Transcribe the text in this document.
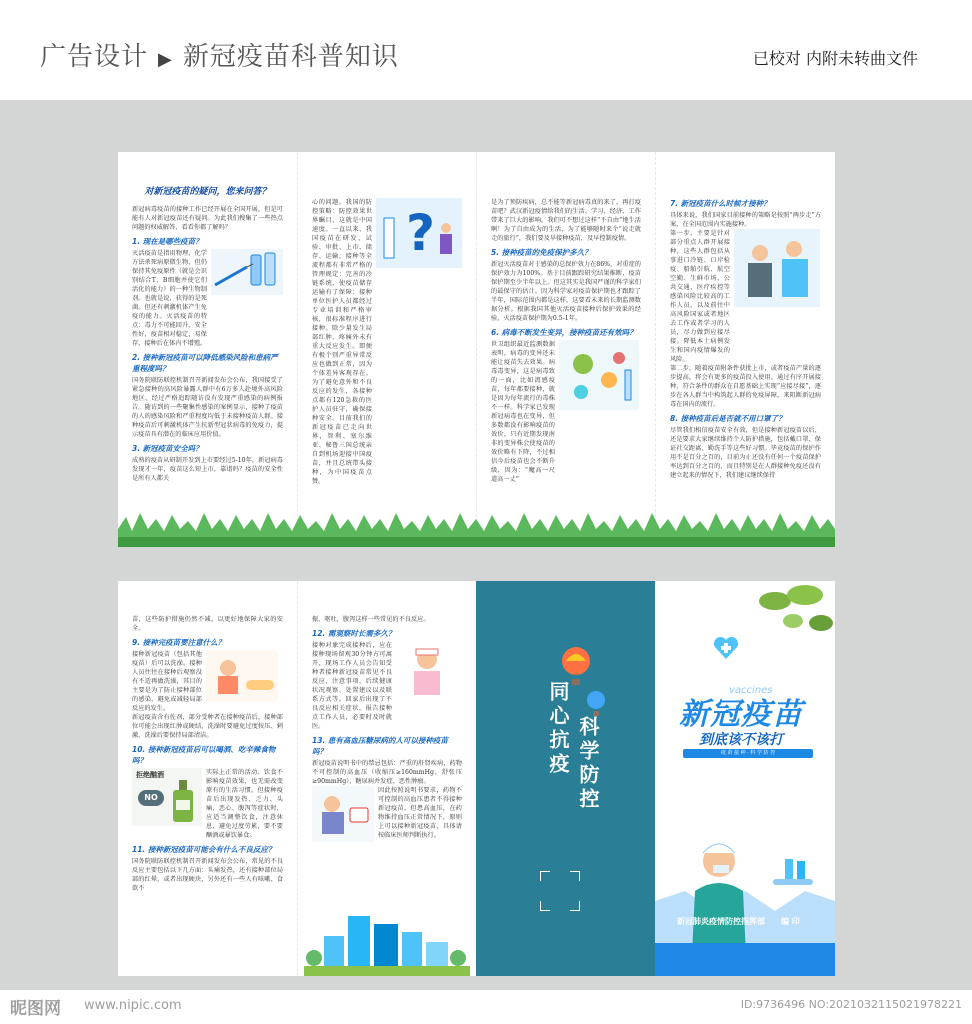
广告设计 ▶ 新冠疫苗科普知识	已校对 内附未转曲文件
对新冠疫苗的疑问，您来问答？
新冠病毒疫苗的接种工作已经开展在全国开展，但是可能有人对新冠疫苗还有疑问。为此我们搜集了一些热点问题的权威解答，看看你都了解吗？
1. 现在是哪些疫苗？
灭活疫苗是指用物理、化学方法杀死病原微生物，但仍保持其免疫原性（就是会识别结合T、B细胞并使它们活化的能力）的一种生物制剂。也就是说，获得的是死菌。但还有刺激机体产生免疫的能力。灭活疫苗的特点：毒力不可能回升，安全性好，疫苗相对稳定，易保存，接种后在体内不增殖。
2. 接种新冠疫苗可以降低感染风险和患病严重程度吗？
国务院联防联控机制召开新闻发布会公布，我国接受了紧急接种的高风险暴露人群中有6万多人赴境外高风险地区，经过严格追踪随访没有发现严重感染的病例报告。随访到的一些聚集性感染的案例显示，接种了疫苗的人的感染风险和严重程度均低于未接种疫苗人群。接种疫苗后可刺激机体产生抗新型冠状病毒的免疫力，提示疫苗具有潜在的临床应用价值。
3. 新冠疫苗安全吗？
成熟的疫苗从研制开发到上市要经过5-10年，新冠病毒发现才一年，疫苗这么短上市，靠谱吗？疫苗的安全性是所有人都关
心的问题。我国的防控策略：防控效果世界瞩目，这就是中国速度。一直以来，我国疫苗在研发、试验、审批、上市、储存、运输、接种等全流程都有非常严格的管理规定：完善的冷链系统，使疫苗储存运输有了保障；接种单位医护人员都经过专业培训和严格审核，很标准程序进行接种。除少量发生局部红肿、疼痛外未有重大反应发生。即便有极个别严重异常反应也做到正常，因为个体差异客观存在。为了避免意外和不良反应的发生，各接种点都有120急救的医护人员驻守，确保接种安全。目前我们的新冠疫苗已走向世界，智利、塞尔维亚、秘鲁三国总统亲自到机场迎接中国疫苗，并且总统带头接种，为中国疫苗点赞。
?
是为了预防疾病，总不能等新冠病毒真的来了，再打疫苗吧？武汉新冠疫情给我们的生活、学习、经济、工作带来了巨大的影响。我们可不想过这样“不自由”地生活啊！为了自由成为的生活，为了能够随时来个“说走就走的旅行”，我们要及早接种疫苗，及早控制疫情。
5. 接种疫苗的免疫保护多久？
新冠灭活疫苗对于感染的总保护效力在86%，对重症的保护效力为100%。基于目前跟踪研究结果推断，疫苗保护期至少半年以上。但这其实是我国严谨的科学家们的最保守的估计。因为科学家对疫苗保护期也才跟踪了半年，国际范围内都是这样，这要看未来的长期监测数据分析。根据我国其他灭活疫苗接种后保护效果的经验，灭活疫苗保护期为0.5-1年。
6. 病毒不断发生变异，接种疫苗还有效吗？
世卫组织最近监测数据表明，病毒的变异还未能让疫苗失去效果。病毒毒变异，这是病毒致的一面，比如流感疫苗，每年都要接种，就是因为每年流行的毒株不一样。科学家已发现新冠病毒也在变异，但多数都没有影响疫苗的效价，只有近期发现南非的变异株会使疫苗的效价略有下降，不过相信今后疫苗也会不断升级，因为：“魔高一尺道高一丈”
7. 新冠疫苗什么时候才接种？
具体来说，我们国家目前接种的策略是按照“两步走”方案，在全国范围内实施接种。
第一步，主要是针对部分重点人群开展接种，这些人群包括从事进口冷链、口岸检疫、船舶引航、航空空勤、生鲜市场、公共交通、医疗疾控等感染风险比较高的工作人员，以及前往中高风险国家或者地区去工作或者学习的人员，尽力做到应接尽接。降低本土病例发生和国内疫情爆发的风险。
第二步，随着疫苗附条件获批上市，或者疫苗产量的逐步提高，将会有更多的疫苗投入使用。通过有序开展接种，符合条件的群众在自愿基础上实现“应接尽接”，逐步在各人群当中构筑起人群的免疫屏障，来阻断新冠病毒在国内的流行。
8. 接种疫苗后是否就不用口罩了？
尽管我们相信疫苗安全有效，但是接种新冠疫苗以后，还是要求大家继续维持个人防护措施，包括戴口罩、保证社交距离、勤洗手等这些好习惯。毕竟疫苗的保护作用不是百分之百的，目前为止还没有任何一个疫苗保护率达到百分之百的，而且特别是在人群接种免疫还没有建立起来的情况下，我们建议继续保持
苗，这些防护措施仍然不减，以更好地保障大家的安全。
9. 接种完疫苗要注意什么？
接种新冠疫苗（包括其他疫苗）后可以洗澡。接种人员往往在接种后观察没有不适再做洗澡，其目的主要是为了防止接种部位的感染，避免或减轻局部反应的发生。
新冠疫苗含有佐剂，部分受种者在接种疫苗后，接种部位可能会出现红肿或硬结，洗澡时要避免过度按压、刺激，洗澡后要保持局部清洁。
10. 接种新冠疫苗后可以喝酒、吃辛辣食物吗？
拒绝酗酒
NO
实际上正常的活动、饮食不影响疫苗效果，也无需改变原有的生活习惯。但接种疫苗后出现发热、乏力、头痛、恶心、腹泻等症状时，应适当调整饮食，注意休息，避免过度劳累，要不要酗酒或暴饮暴食。
11. 接种新冠疫苗可能会有什么不良反应？
国务院联防联控机制召开新闻发布会公布，常见的不良反应主要包括以下几方面：头痛发热，还有接种部位局部的红晕，或者出现硬块，另外还有一些人有咳嗽、食欲不
振、呕吐，腹泻这样一些常见的不良反应。
12. 需观察时长需多久？
接种对象完成接种后，应在接种现场留观30分钟方可离开，现场工作人员会告知受种者接种新冠疫苗常见不良反应、注意事项、后续健康状况观察、处置建议以及联系方式等。回家后出现了不良反应相关症状，报告接种点工作人员，必要时及时就医。
13. 患有高血压糖尿病的人可以接种疫苗吗？
新冠疫苗说明书中的禁忌包括：严重的肝肾疾病，药物不可控制的高血压（收缩压≥160mmHg，舒张压≥90mmHg），糖尿病并发症、恶性肿瘤。
因此按照说明书要求，药物不可控制的高血压患者不得接种新冠疫苗。但患高血压，在药物维持血压正常情况下，原则上可以接种新冠疫苗，具体请按临床医师判断执行。
同心抗疫 科学防控
vaccines
新冠疫苗
到底该不该打
疫 苗 接 种 · 科 学 防 控
新冠肺炎疫情防控指挥部 编 印
昵图网 www.nipic.com	ID:9736496 NO:20210321150219782​21
